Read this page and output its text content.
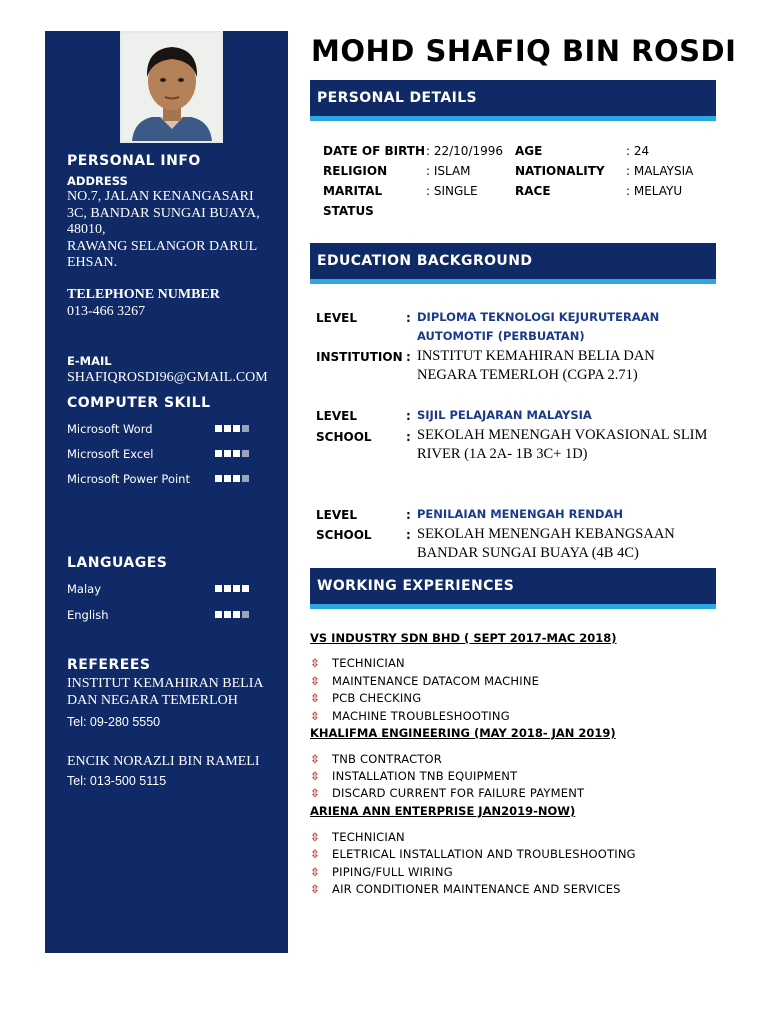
PERSONAL INFO
ADDRESS
NO.7, JALAN KENANGASARI
3C, BANDAR SUNGAI BUAYA,
48010,
RAWANG SELANGOR DARUL
EHSAN.
TELEPHONE NUMBER
013-466 3267
E-MAIL
SHAFIQROSDI96@GMAIL.COM
COMPUTER SKILL
Microsoft Word
Microsoft Excel
Microsoft Power Point
LANGUAGES
Malay
English
REFEREES
INSTITUT KEMAHIRAN BELIA
DAN NEGARA TEMERLOH
Tel: 09-280 5550
ENCIK NORAZLI BIN RAMELI
Tel: 013-500 5115
MOHD SHAFIQ BIN ROSDI
PERSONAL DETAILS
DATE OF BIRTH : 22/10/1996 AGE	: 24
RELIGION	: ISLAM	NATIONALITY : MALAYSIA
MARITAL	: SINGLE	RACE	: MELAYU
STATUS
EDUCATION BACKGROUND
LEVEL	: DIPLOMA TEKNOLOGI KEJURUTERAAN AUTOMOTIF (PERBUATAN)
INSTITUTION : INSTITUT KEMAHIRAN BELIA DAN NEGARA TEMERLOH (CGPA 2.71)
LEVEL	: SIJIL PELAJARAN MALAYSIA
SCHOOL	: SEKOLAH MENENGAH VOKASIONAL SLIM RIVER (1A 2A- 1B 3C+ 1D)
LEVEL	: PENILAIAN MENENGAH RENDAH
SCHOOL	: SEKOLAH MENENGAH KEBANGSAAN BANDAR SUNGAI BUAYA (4B 4C)
WORKING EXPERIENCES
VS INDUSTRY SDN BHD ( SEPT 2017-MAC 2018)
⇳ TECHNICIAN
⇳ MAINTENANCE DATACOM MACHINE
⇳ PCB CHECKING
⇳ MACHINE TROUBLESHOOTING
KHALIFMA ENGINEERING (MAY 2018- JAN 2019)
⇳ TNB CONTRACTOR
⇳ INSTALLATION TNB EQUIPMENT
⇳ DISCARD CURRENT FOR FAILURE PAYMENT
ARIENA ANN ENTERPRISE JAN2019-NOW)
⇳ TECHNICIAN
⇳ ELETRICAL INSTALLATION AND TROUBLESHOOTING
⇳ PIPING/FULL WIRING
⇳ AIR CONDITIONER MAINTENANCE AND SERVICES
